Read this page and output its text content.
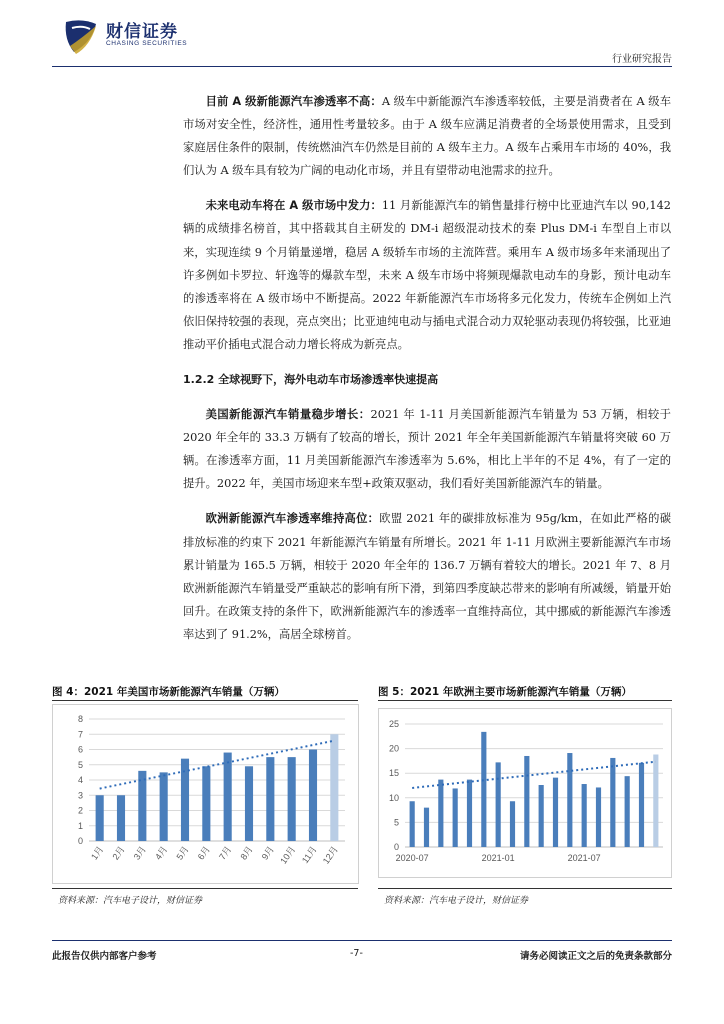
财信证券
CHASING SECURITIES
行业研究报告

目前 A 级新能源汽车渗透率不高：A 级车中新能源汽车渗透率较低，主要是消费者在 A 级车市场对安全性，经济性，通用性考量较多。由于 A 级车应满足消费者的全场景使用需求，且受到家庭居住条件的限制，传统燃油汽车仍然是目前的 A 级车主力。A 级车占乘用车市场的 40%，我们认为 A 级车具有较为广阔的电动化市场，并且有望带动电池需求的拉升。

未来电动车将在 A 级市场中发力：11 月新能源汽车的销售量排行榜中比亚迪汽车以 90,142 辆的成绩排名榜首，其中搭载其自主研发的 DM-i 超级混动技术的秦 Plus DM-i 车型自上市以来，实现连续 9 个月销量递增，稳居 A 级轿车市场的主流阵营。乘用车 A 级市场多年来涌现出了许多例如卡罗拉、轩逸等的爆款车型，未来 A 级车市场中将频现爆款电动车的身影，预计电动车的渗透率将在 A 级市场中不断提高。2022 年新能源汽车市场将多元化发力，传统车企例如上汽依旧保持较强的表现，亮点突出；比亚迪纯电动与插电式混合动力双轮驱动表现仍将较强，比亚迪推动平价插电式混合动力增长将成为新亮点。

1.2.2 全球视野下，海外电动车市场渗透率快速提高

美国新能源汽车销量稳步增长：2021 年 1-11 月美国新能源汽车销量为 53 万辆，相较于 2020 年全年的 33.3 万辆有了较高的增长，预计 2021 年全年美国新能源汽车销量将突破 60 万辆。在渗透率方面，11 月美国新能源汽车渗透率为 5.6%，相比上半年的不足 4%，有了一定的提升。2022 年，美国市场迎来车型+政策双驱动，我们看好美国新能源汽车的销量。

欧洲新能源汽车渗透率维持高位：欧盟 2021 年的碳排放标准为 95g/km，在如此严格的碳排放标准的约束下 2021 年新能源汽车销量有所增长。2021 年 1-11 月欧洲主要新能源汽车市场累计销量为 165.5 万辆，相较于 2020 年全年的 136.7 万辆有着较大的增长。2021 年 7、8 月欧洲新能源汽车销量受严重缺芯的影响有所下滑，到第四季度缺芯带来的影响有所减缓，销量开始回升。在政策支持的条件下，欧洲新能源汽车的渗透率一直维持高位，其中挪威的新能源汽车渗透率达到了 91.2%，高居全球榜首。

图 4：2021 年美国市场新能源汽车销量（万辆）
0
1
2
3
4
5
6
7
8
1月 2月 3月 4月 5月 6月 7月 8月 9月 10月 11月 12月
资料来源：汽车电子设计，财信证券
图 5：2021 年欧洲主要市场新能源汽车销量（万辆）
0
5
10
15
20
25
2020-07	2021-01	2021-07
资料来源：汽车电子设计，财信证券
此报告仅供内部客户参考	-7-	请务必阅读正文之后的免责条款部分
